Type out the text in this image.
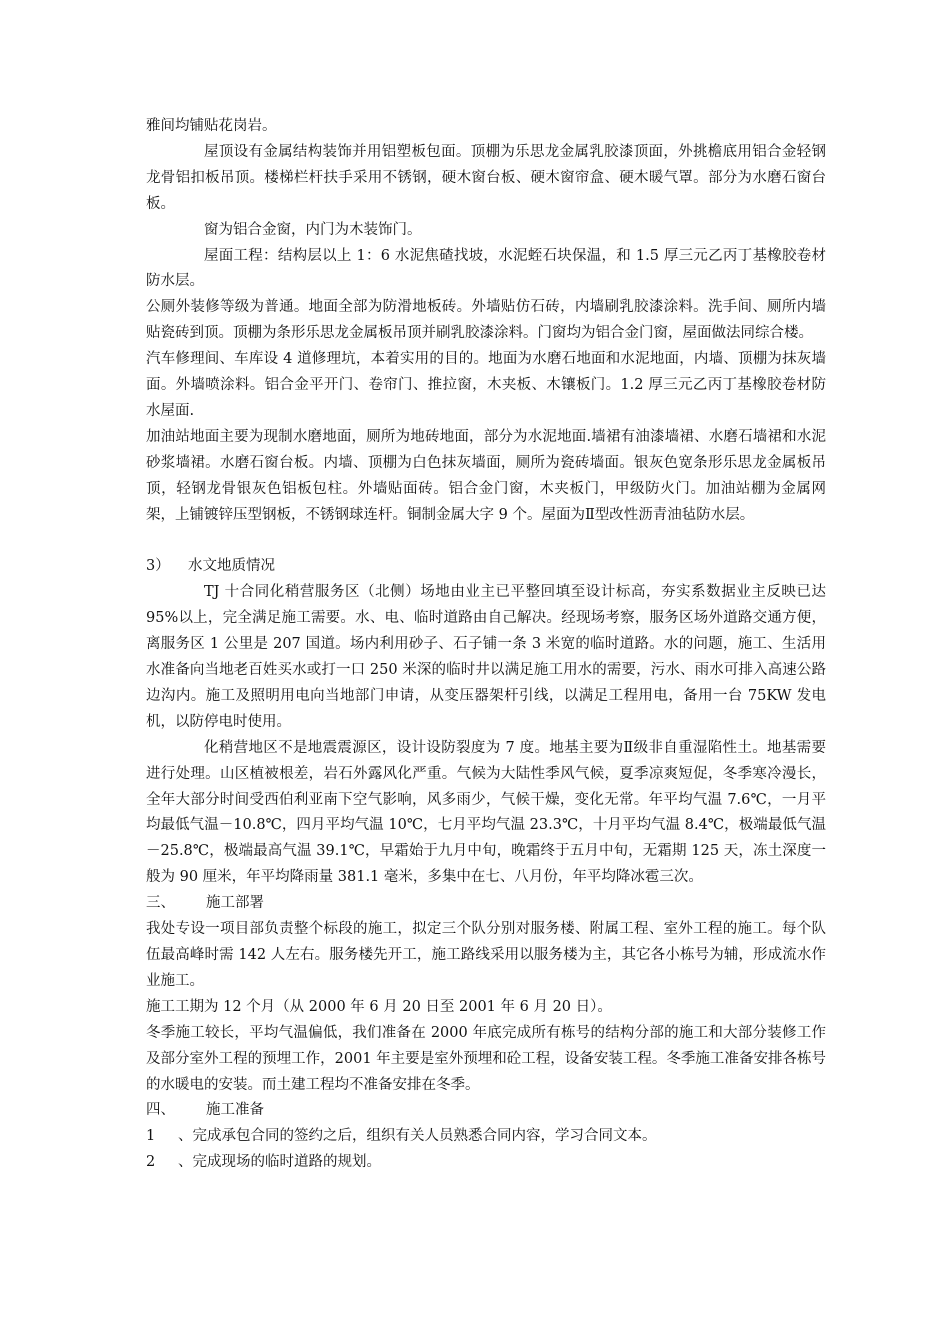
雅间均铺贴花岗岩。

屋顶设有金属结构装饰并用铝塑板包面。顶棚为乐思龙金属乳胶漆顶面，外挑檐底用铝合金轻钢龙骨铝扣板吊顶。楼梯栏杆扶手采用不锈钢，硬木窗台板、硬木窗帘盒、硬木暖气罩。部分为水磨石窗台板。

窗为铝合金窗，内门为木装饰门。

屋面工程：结构层以上 1：6 水泥焦碴找坡，水泥蛭石块保温，和 1.5 厚三元乙丙丁基橡胶卷材防水层。

公厕外装修等级为普通。地面全部为防滑地板砖。外墙贴仿石砖，内墙刷乳胶漆涂料。洗手间、厕所内墙贴瓷砖到顶。顶棚为条形乐思龙金属板吊顶并刷乳胶漆涂料。门窗均为铝合金门窗，屋面做法同综合楼。

汽车修理间、车库设 4 道修理坑，本着实用的目的。地面为水磨石地面和水泥地面，内墙、顶棚为抹灰墙面。外墙喷涂料。铝合金平开门、卷帘门、推拉窗，木夹板、木镶板门。1.2 厚三元乙丙丁基橡胶卷材防水屋面.

加油站地面主要为现制水磨地面，厕所为地砖地面，部分为水泥地面.墙裙有油漆墙裙、水磨石墙裙和水泥砂浆墙裙。水磨石窗台板。内墙、顶棚为白色抹灰墙面，厕所为瓷砖墙面。银灰色宽条形乐思龙金属板吊顶，轻钢龙骨银灰色铝板包柱。外墙贴面砖。铝合金门窗，木夹板门，甲级防火门。加油站棚为金属网架，上铺镀锌压型钢板，不锈钢球连杆。铜制金属大字 9 个。屋面为Ⅱ型改性沥青油毡防水层。

3） 水文地质情况

TJ 十合同化稍营服务区（北侧）场地由业主已平整回填至设计标高，夯实系数据业主反映已达 95%以上，完全满足施工需要。水、电、临时道路由自己解决。经现场考察，服务区场外道路交通方便，离服务区 1 公里是 207 国道。场内利用砂子、石子铺一条 3 米宽的临时道路。水的问题，施工、生活用水准备向当地老百姓买水或打一口 250 米深的临时井以满足施工用水的需要，污水、雨水可排入高速公路边沟内。施工及照明用电向当地部门申请，从变压器架杆引线，以满足工程用电，备用一台 75KW 发电机，以防停电时使用。

化稍营地区不是地震震源区，设计设防裂度为 7 度。地基主要为Ⅱ级非自重湿陷性土。地基需要进行处理。山区植被根差，岩石外露风化严重。气候为大陆性季风气候，夏季凉爽短促，冬季寒冷漫长，全年大部分时间受西伯利亚南下空气影响，风多雨少，气候干燥，变化无常。年平均气温 7.6℃，一月平均最低气温－10.8℃，四月平均气温 10℃，七月平均气温 23.3℃，十月平均气温 8.4℃，极端最低气温－25.8℃，极端最高气温 39.1℃，早霜始于九月中旬，晚霜终于五月中旬，无霜期 125 天，冻土深度一般为 90 厘米，年平均降雨量 381.1 毫米，多集中在七、八月份，年平均降冰雹三次。

三、 施工部署

我处专设一项目部负责整个标段的施工，拟定三个队分别对服务楼、附属工程、室外工程的施工。每个队伍最高峰时需 142 人左右。服务楼先开工，施工路线采用以服务楼为主，其它各小栋号为辅，形成流水作业施工。

施工工期为 12 个月（从 2000 年 6 月 20 日至 2001 年 6 月 20 日）。

冬季施工较长，平均气温偏低，我们准备在 2000 年底完成所有栋号的结构分部的施工和大部分装修工作及部分室外工程的预埋工作，2001 年主要是室外预埋和砼工程，设备安装工程。冬季施工准备安排各栋号的水暖电的安装。而土建工程均不准备安排在冬季。

四、 施工准备

1 、完成承包合同的签约之后，组织有关人员熟悉合同内容，学习合同文本。

2 、完成现场的临时道路的规划。
